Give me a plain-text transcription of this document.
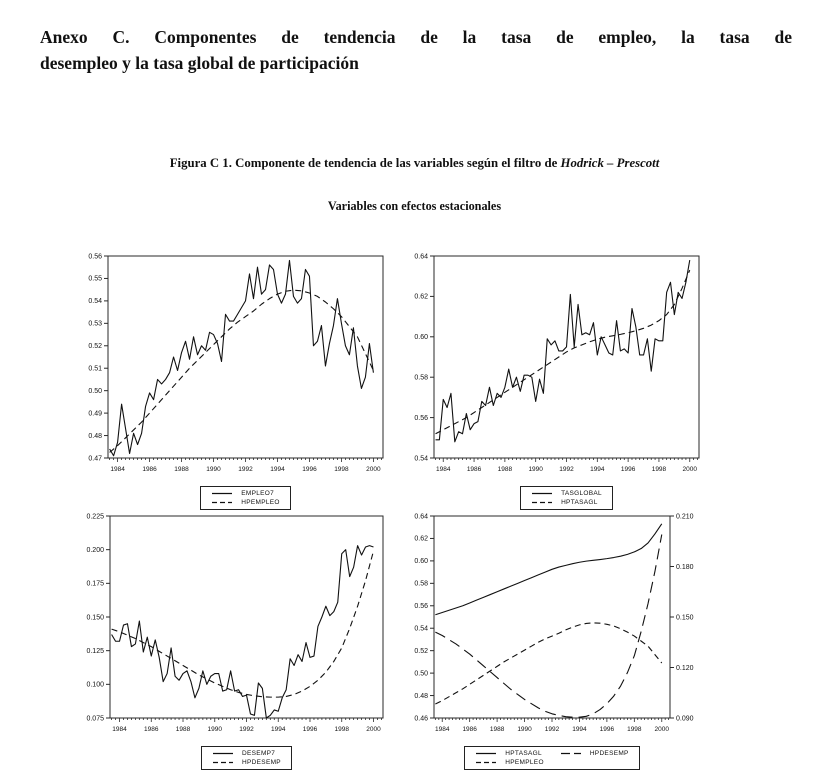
Anexo C. Componentes de tendencia de la tasa de empleo, la tasa de
desempleo y la tasa global de participación
Figura C 1. Componente de tendencia de las variables según el filtro de Hodrick – Prescott
Variables con efectos estacionales
0.47
0.48
0.49
0.50
0.51
0.52
0.53
0.54
0.55
0.56
1984	1986	1988	1990	1992	1994	1996	1998	2000
EMPLEO7
HPEMPLEO
0.54
0.56
0.58
0.60
0.62
0.64
1984	1986	1988	1990	1992	1994	1996	1998	2000
TASGLOBAL
HPTASAGL
0.075
0.100
0.125
0.150
0.175
0.200
0.225
1984	1986	1988	1990	1992	1994	1996	1998	2000
DESEMP7
HPDESEMP
0.46
0.48
0.50
0.52
0.54
0.56
0.58
0.60
0.62
0.64
0.090
0.120
0.150
0.180
0.210
1984 1986 1988 1990 1992 1994 1996 1998 2000
HPTASAGL
HPEMPLEO
HPDESEMP
